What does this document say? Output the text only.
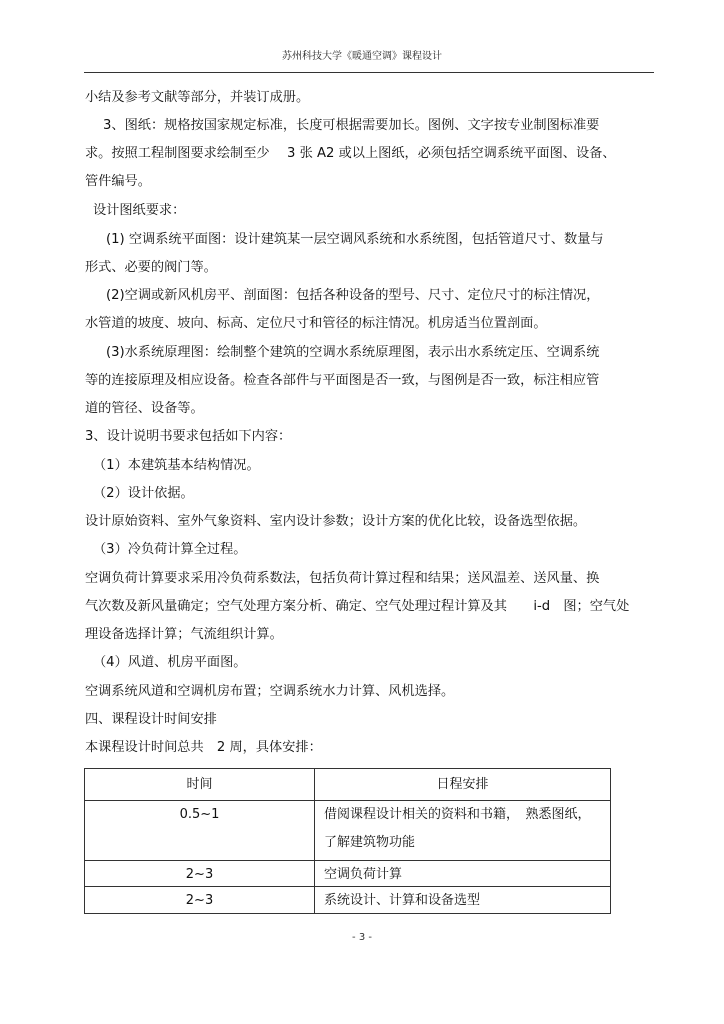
苏州科技大学《暖通空调》课程设计
小结及参考文献等部分，并装订成册。
3、图纸：规格按国家规定标准，长度可根据需要加长。图例、文字按专业制图标准要
求。按照工程制图要求绘制至少　 3 张 A2 或以上图纸，必须包括空调系统平面图、设备、
管件编号。
设计图纸要求：
(1) 空调系统平面图：设计建筑某一层空调风系统和水系统图，包括管道尺寸、数量与
形式、必要的阀门等。
(2)空调或新风机房平、剖面图：包括各种设备的型号、尺寸、定位尺寸的标注情况，
水管道的坡度、坡向、标高、定位尺寸和管径的标注情况。机房适当位置剖面。
(3)水系统原理图：绘制整个建筑的空调水系统原理图，表示出水系统定压、空调系统
等的连接原理及相应设备。检查各部件与平面图是否一致，与图例是否一致，标注相应管
道的管径、设备等。
3、设计说明书要求包括如下内容：
（1）本建筑基本结构情况。
（2）设计依据。
设计原始资料、室外气象资料、室内设计参数；设计方案的优化比较，设备选型依据。
（3）冷负荷计算全过程。
空调负荷计算要求采用冷负荷系数法，包括负荷计算过程和结果；送风温差、送风量、换
气次数及新风量确定；空气处理方案分析、确定、空气处理过程计算及其　　i-d　图；空气处
理设备选择计算；气流组织计算。
（4）风道、机房平面图。
空调系统风道和空调机房布置；空调系统水力计算、风机选择。
四、课程设计时间安排
本课程设计时间总共　2 周，具体安排：
时间	日程安排
0.5~1	借阅课程设计相关的资料和书籍，　熟悉图纸，
了解建筑物功能

2~3	空调负荷计算

2~3	系统设计、计算和设备选型
- 3 -
